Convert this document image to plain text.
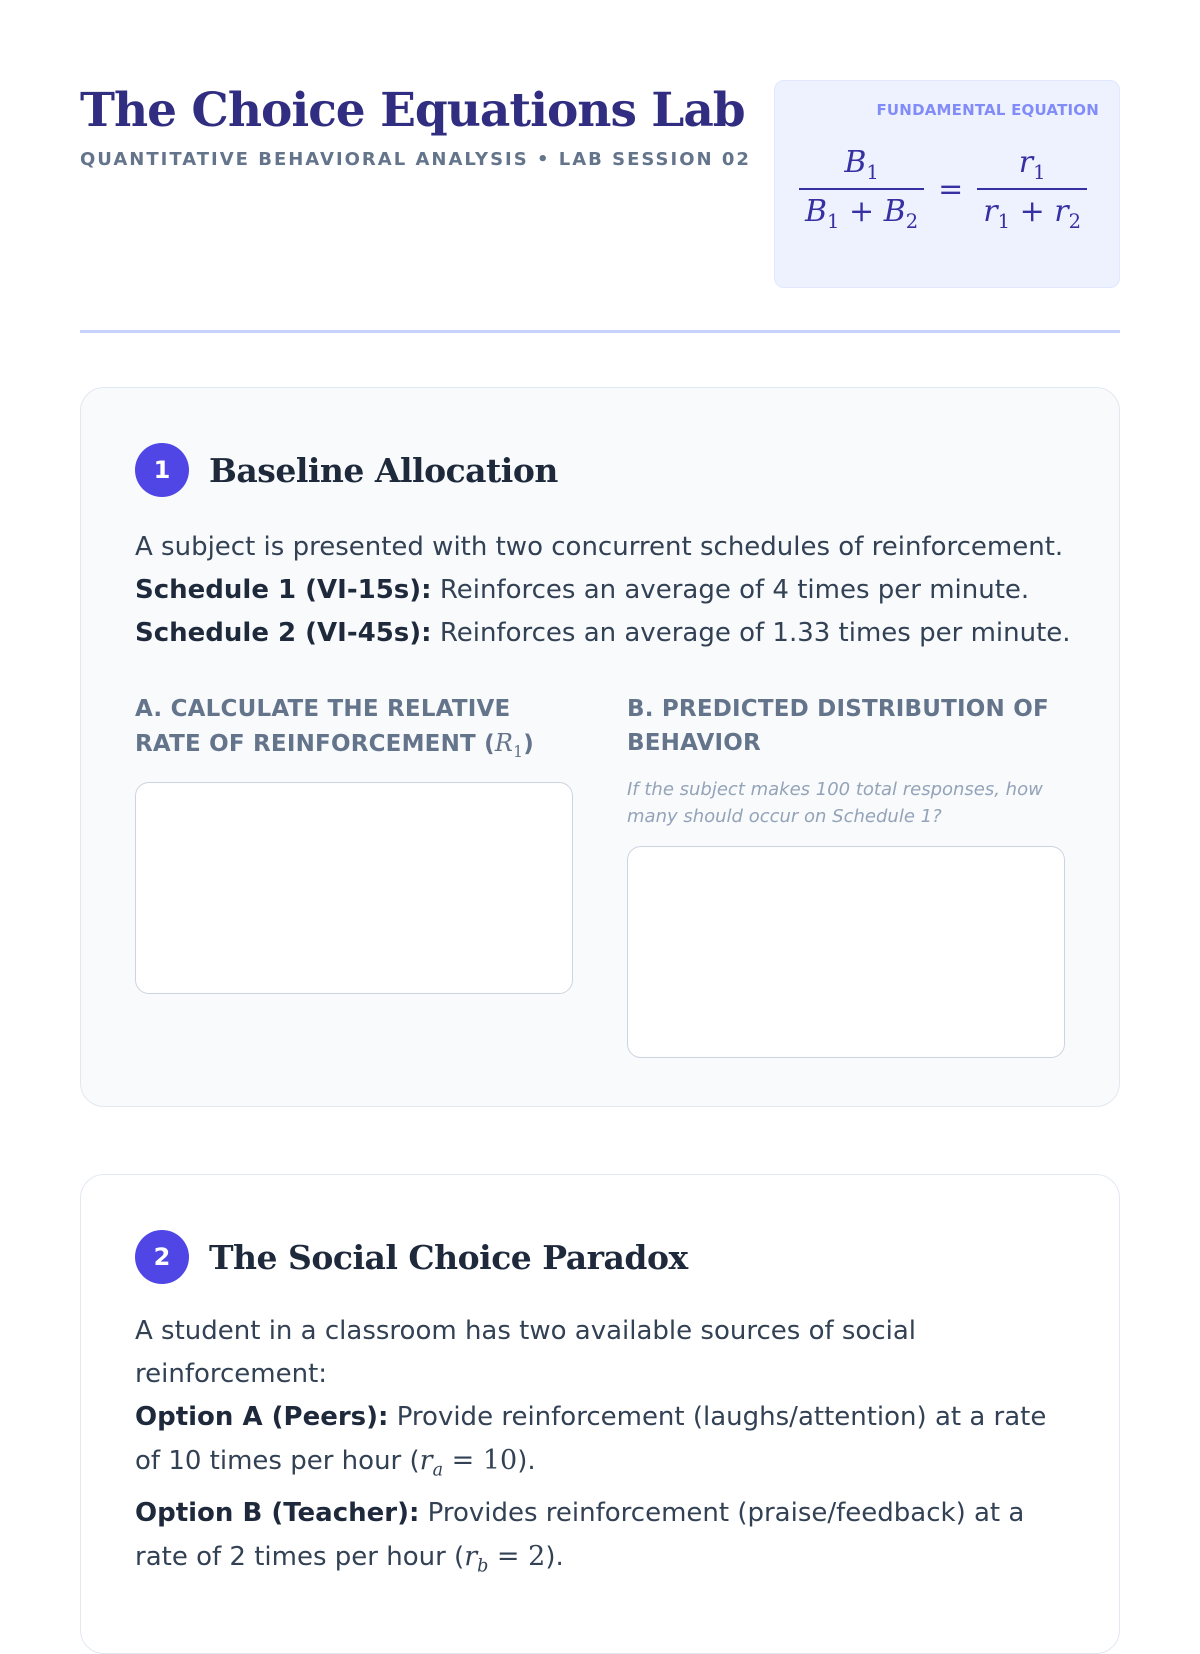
The Choice Equations Lab
QUANTITATIVE BEHAVIORAL ANALYSIS • LAB SESSION 02
FUNDAMENTAL EQUATION
$\frac{B_1}{B_1 + B_2} = \frac{r_1}{r_1 + r_2}$
1	Baseline Allocation

A subject is presented with two concurrent schedules of reinforcement.

Schedule 1 (VI-15s): Reinforces an average of 4 times per minute.

Schedule 2 (VI-45s): Reinforces an average of 1.33 times per minute.

A. CALCULATE THE RELATIVE RATE OF REINFORCEMENT $(R_1)$
B. PREDICTED DISTRIBUTION OF BEHAVIOR
If the subject makes 100 total responses, how many should occur on Schedule 1?
2	The Social Choice Paradox

A student in a classroom has two available sources of social reinforcement:

Option A (Peers): Provide reinforcement (laughs/attention) at a rate of 10 times per hour $(r_a = 10)$.

Option B (Teacher): Provides reinforcement (praise/feedback) at a rate of 2 times per hour $(r_b = 2)$.
